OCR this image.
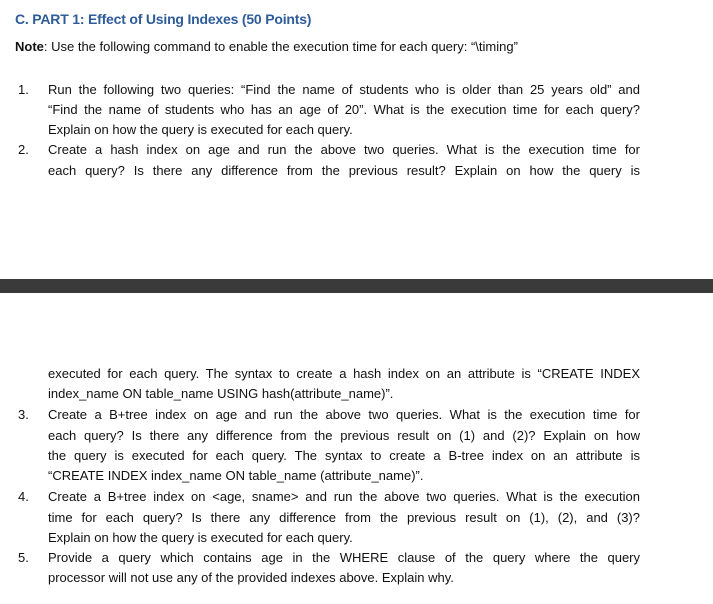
C. PART 1: Effect of Using Indexes (50 Points)
Note: Use the following command to enable the execution time for each query: “\timing”
1. Run the following two queries: “Find the name of students who is older than 25 years old” and
“Find the name of students who has an age of 20”. What is the execution time for each query?
Explain on how the query is executed for each query.
2. Create a hash index on age and run the above two queries. What is the execution time for
each query? Is there any difference from the previous result? Explain on how the query is
executed for each query. The syntax to create a hash index on an attribute is “CREATE INDEX
index_name ON table_name USING hash(attribute_name)”.
3. Create a B+tree index on age and run the above two queries. What is the execution time for
each query? Is there any difference from the previous result on (1) and (2)? Explain on how
the query is executed for each query. The syntax to create a B-tree index on an attribute is
“CREATE INDEX index_name ON table_name (attribute_name)”.
4. Create a B+tree index on <age, sname> and run the above two queries. What is the execution
time for each query? Is there any difference from the previous result on (1), (2), and (3)?
Explain on how the query is executed for each query.
5. Provide a query which contains age in the WHERE clause of the query where the query
processor will not use any of the provided indexes above. Explain why.
